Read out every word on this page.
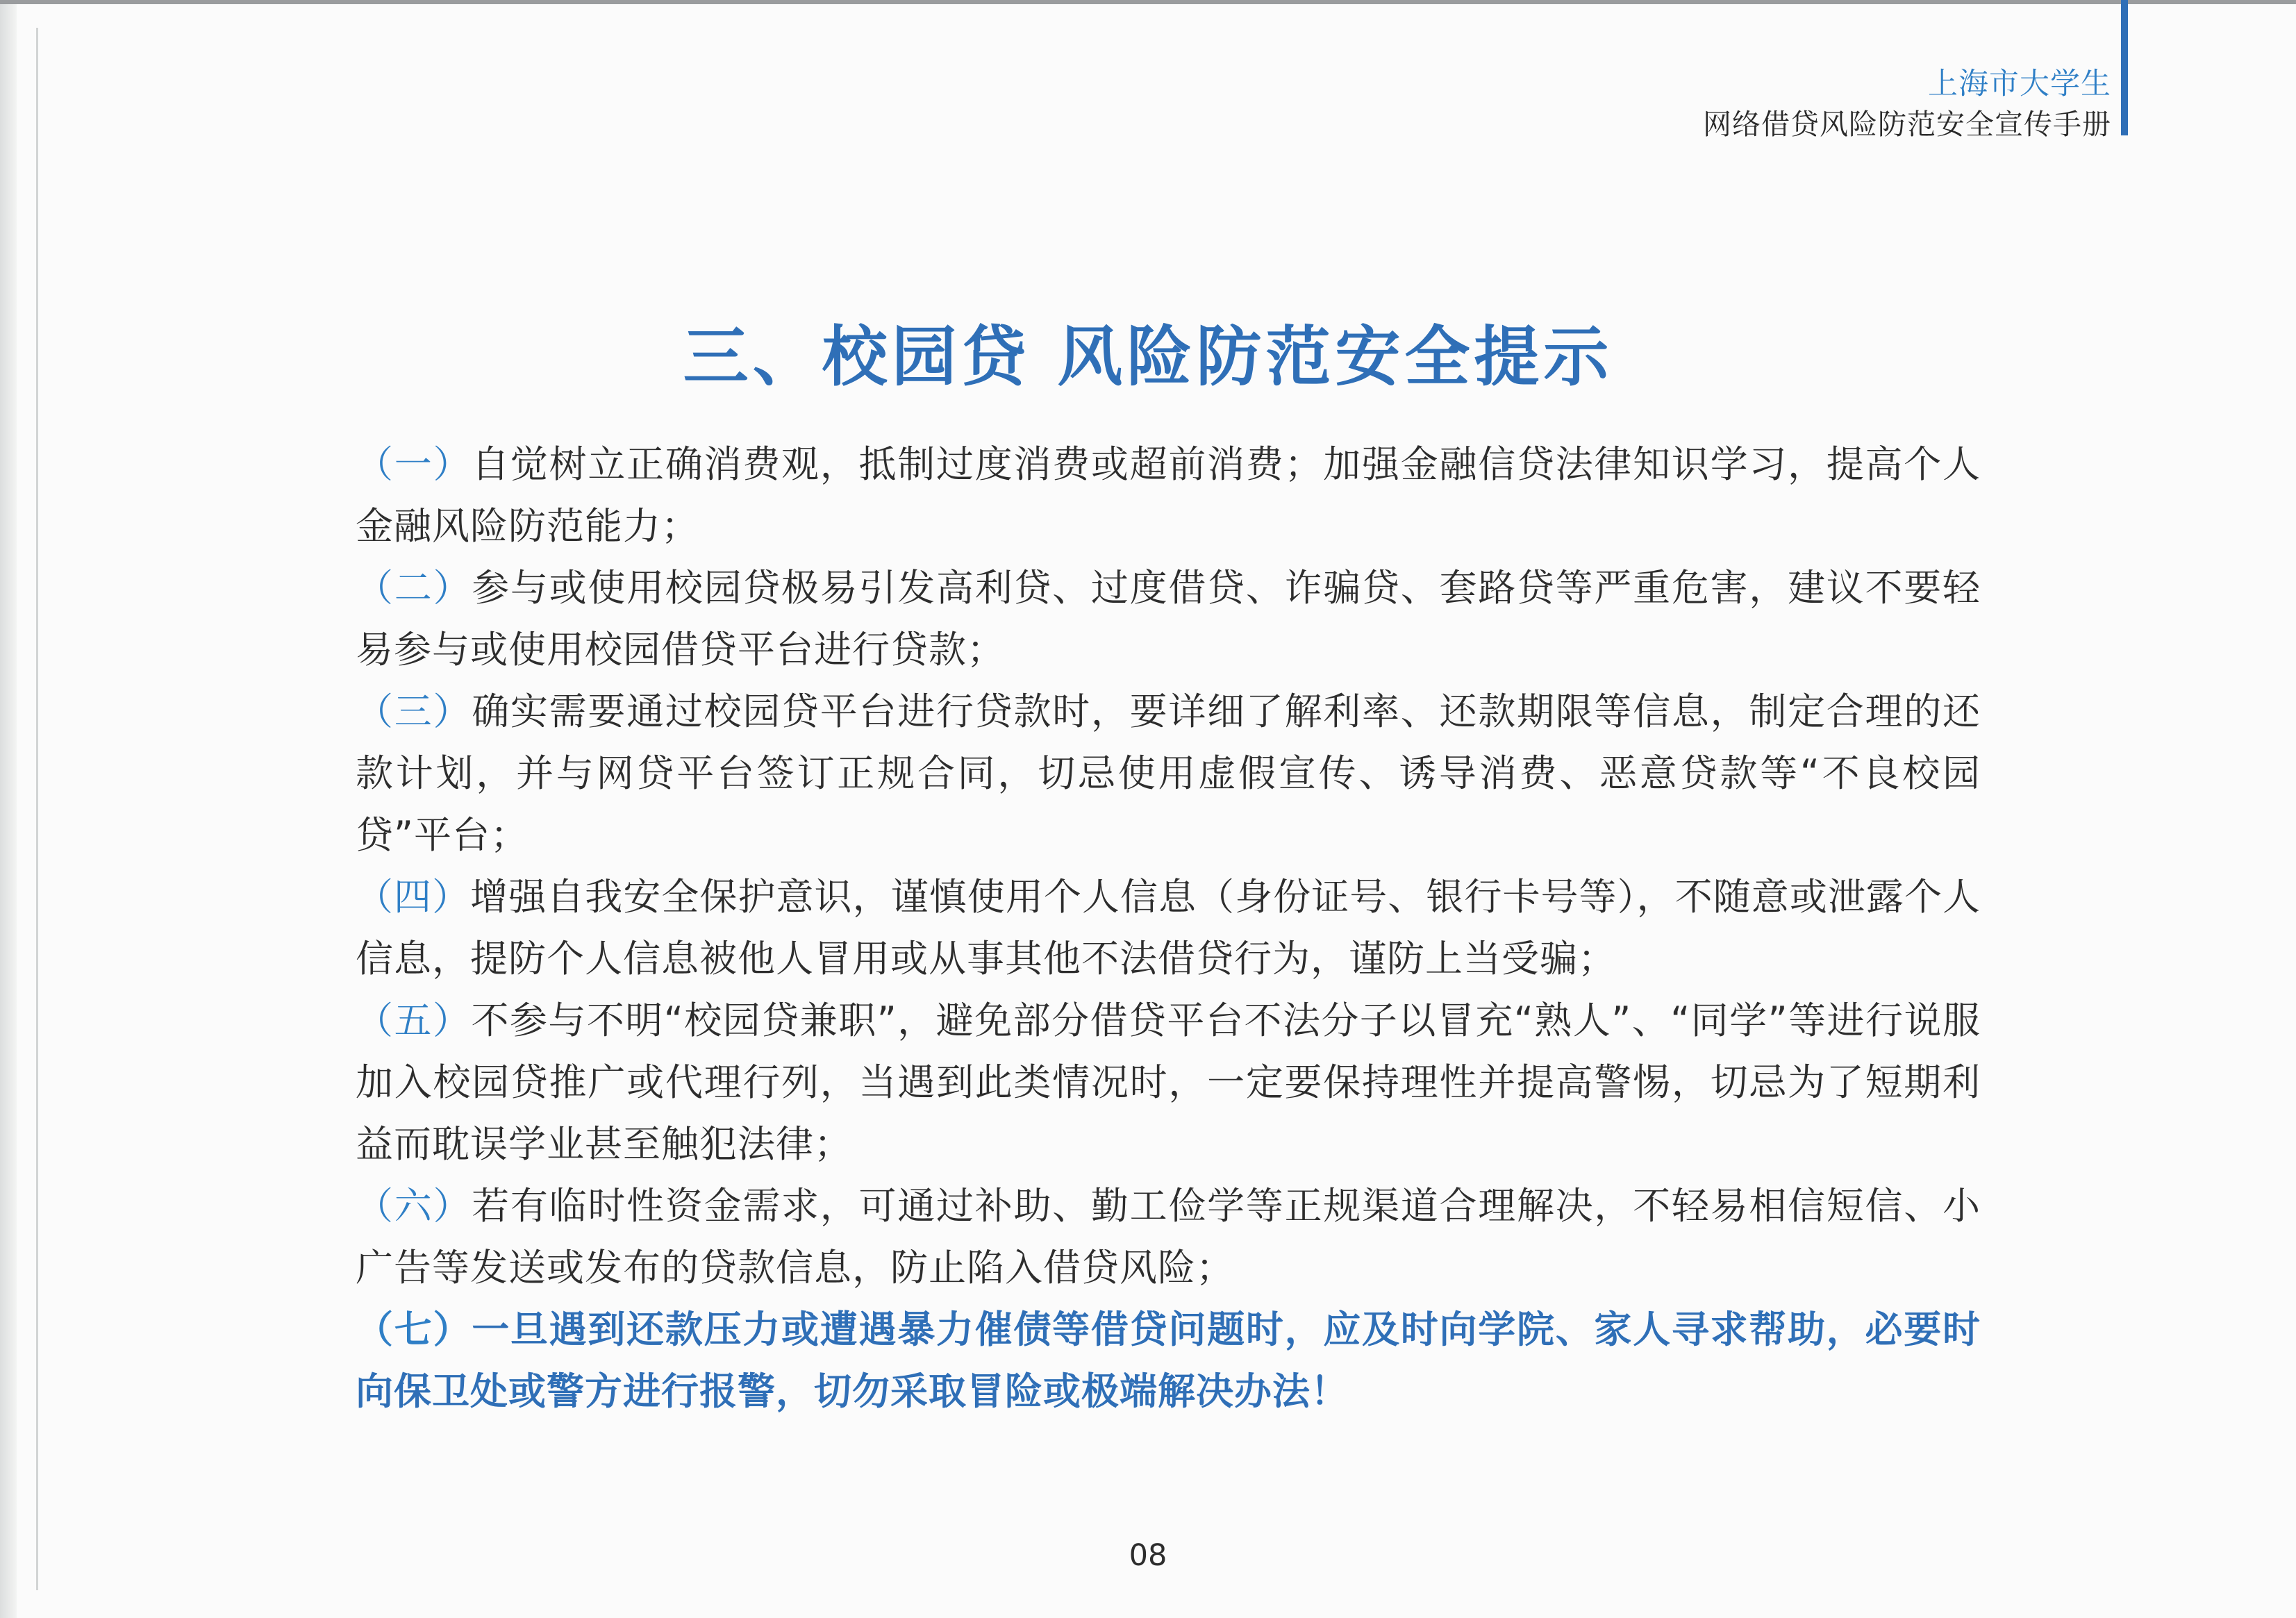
上海市大学生
网络借贷风险防范安全宣传手册
三、校园贷 风险防范安全提示

（一）自觉树立正确消费观，抵制过度消费或超前消费；加强金融信贷法律知识学习，提高个人金融风险防范能力；

（二）参与或使用校园贷极易引发高利贷、过度借贷、诈骗贷、套路贷等严重危害，建议不要轻易参与或使用校园借贷平台进行贷款；

（三）确实需要通过校园贷平台进行贷款时，要详细了解利率、还款期限等信息，制定合理的还款计划，并与网贷平台签订正规合同，切忌使用虚假宣传、诱导消费、恶意贷款等“不良校园贷”平台；

（四）增强自我安全保护意识，谨慎使用个人信息（身份证号、银行卡号等），不随意或泄露个人信息，提防个人信息被他人冒用或从事其他不法借贷行为，谨防上当受骗；

（五）不参与不明“校园贷兼职”，避免部分借贷平台不法分子以冒充“熟人”、“同学”等进行说服加入校园贷推广或代理行列，当遇到此类情况时，一定要保持理性并提高警惕，切忌为了短期利益而耽误学业甚至触犯法律；

（六）若有临时性资金需求，可通过补助、勤工俭学等正规渠道合理解决，不轻易相信短信、小广告等发送或发布的贷款信息，防止陷入借贷风险；

（七）一旦遇到还款压力或遭遇暴力催债等借贷问题时，应及时向学院、家人寻求帮助，必要时向保卫处或警方进行报警，切勿采取冒险或极端解决办法！

08
